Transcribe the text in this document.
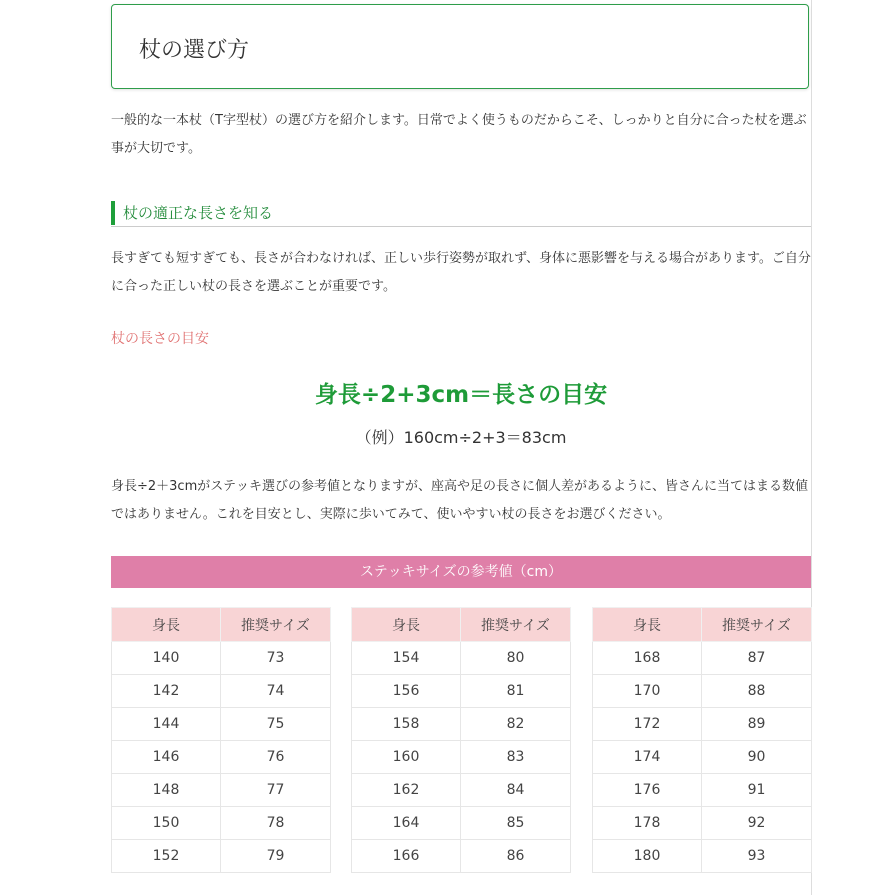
杖の選び方

一般的な一本杖（T字型杖）の選び方を紹介します。日常でよく使うものだからこそ、しっかりと自分に合った杖を選ぶ事が大切です。

杖の適正な長さを知る

長すぎても短すぎても、長さが合わなければ、正しい歩行姿勢が取れず、身体に悪影響を与える場合があります。ご自分に合った正しい杖の長さを選ぶことが重要です。

杖の長さの目安
身長÷2+3cm＝長さの目安
（例）160cm÷2+3＝83cm

身長÷2＋3cmがステッキ選びの参考値となりますが、座高や足の長さに個人差があるように、皆さんに当てはまる数値ではありません。これを目安とし、実際に歩いてみて、使いやすい杖の長さをお選びください。

ステッキサイズの参考値（cm）
身長	推奨サイズ
140	73
142	74
144	75
146	76
148	77
150	78
152	79
身長	推奨サイズ
154	80
156	81
158	82
160	83
162	84
164	85
166	86
身長	推奨サイズ
168	87
170	88
172	89
174	90
176	91
178	92
180	93
